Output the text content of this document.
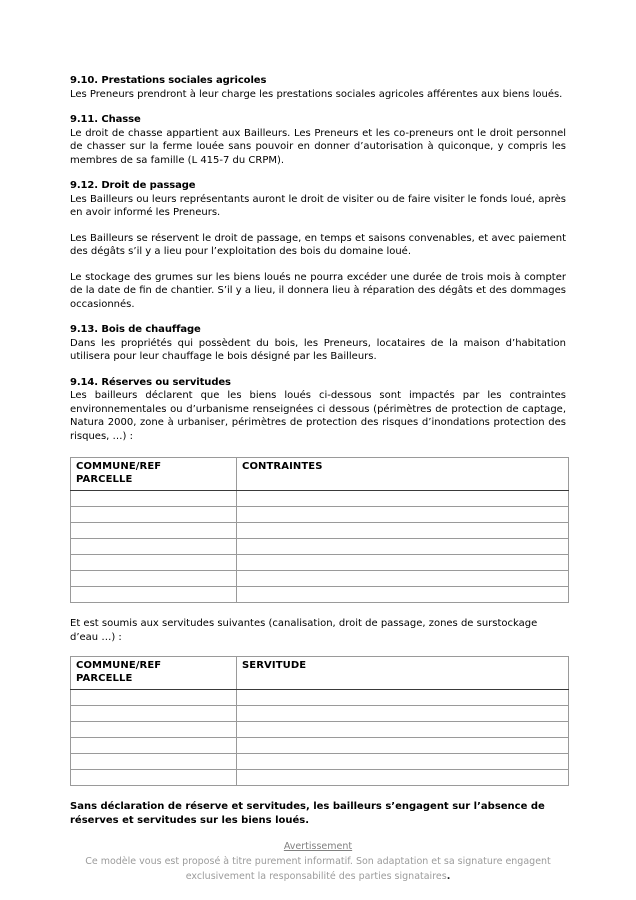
9.10. Prestations sociales agricoles

Les Preneurs prendront à leur charge les prestations sociales agricoles afférentes aux biens loués.

9.11. Chasse

Le droit de chasse appartient aux Bailleurs. Les Preneurs et les co-preneurs ont le droit personnel de chasser sur la ferme louée sans pouvoir en donner d’autorisation à quiconque, y compris les membres de sa famille (L 415-7 du CRPM).

9.12. Droit de passage

Les Bailleurs ou leurs représentants auront le droit de visiter ou de faire visiter le fonds loué, après en avoir informé les Preneurs.

Les Bailleurs se réservent le droit de passage, en temps et saisons convenables, et avec paiement des dégâts s’il y a lieu pour l’exploitation des bois du domaine loué.

Le stockage des grumes sur les biens loués ne pourra excéder une durée de trois mois à compter de la date de fin de chantier. S’il y a lieu, il donnera lieu à réparation des dégâts et des dommages occasionnés.

9.13. Bois de chauffage

Dans les propriétés qui possèdent du bois, les Preneurs, locataires de la maison d’habitation utilisera pour leur chauffage le bois désigné par les Bailleurs.

9.14. Réserves ou servitudes

Les bailleurs déclarent que les biens loués ci-dessous sont impactés par les contraintes environnementales ou d’urbanisme renseignées ci dessous (périmètres de protection de captage, Natura 2000, zone à urbaniser, périmètres de protection des risques d’inondations protection des risques, …) :

COMMUNE/REF
PARCELLE	CONTRAINTES

Et est soumis aux servitudes suivantes (canalisation, droit de passage, zones de surstockage d’eau …) :

COMMUNE/REF
PARCELLE	SERVITUDE

Sans déclaration de réserve et servitudes, les bailleurs s’engagent sur l’absence de réserves et servitudes sur les biens loués.

Avertissement
Ce modèle vous est proposé à titre purement informatif. Son adaptation et sa signature engagent
exclusivement la responsabilité des parties signataires.
